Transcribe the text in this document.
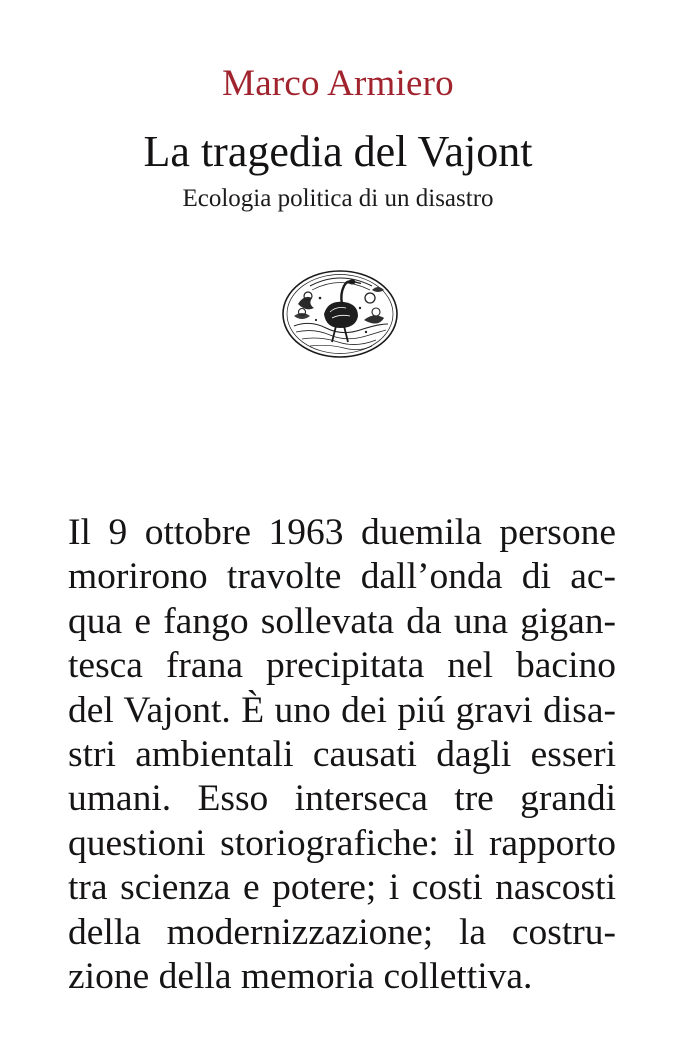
Marco Armiero
La tragedia del Vajont
Ecologia politica di un disastro
Il 9 ottobre 1963 duemila persone
morirono travolte dall’onda di ac-
qua e fango sollevata da una gigan-
tesca frana precipitata nel bacino
del Vajont. È uno dei piú gravi disa-
stri ambientali causati dagli esseri
umani. Esso interseca tre grandi
questioni storiografiche: il rapporto
tra scienza e potere; i costi nascosti
della modernizzazione; la costru-
zione della memoria collettiva.
